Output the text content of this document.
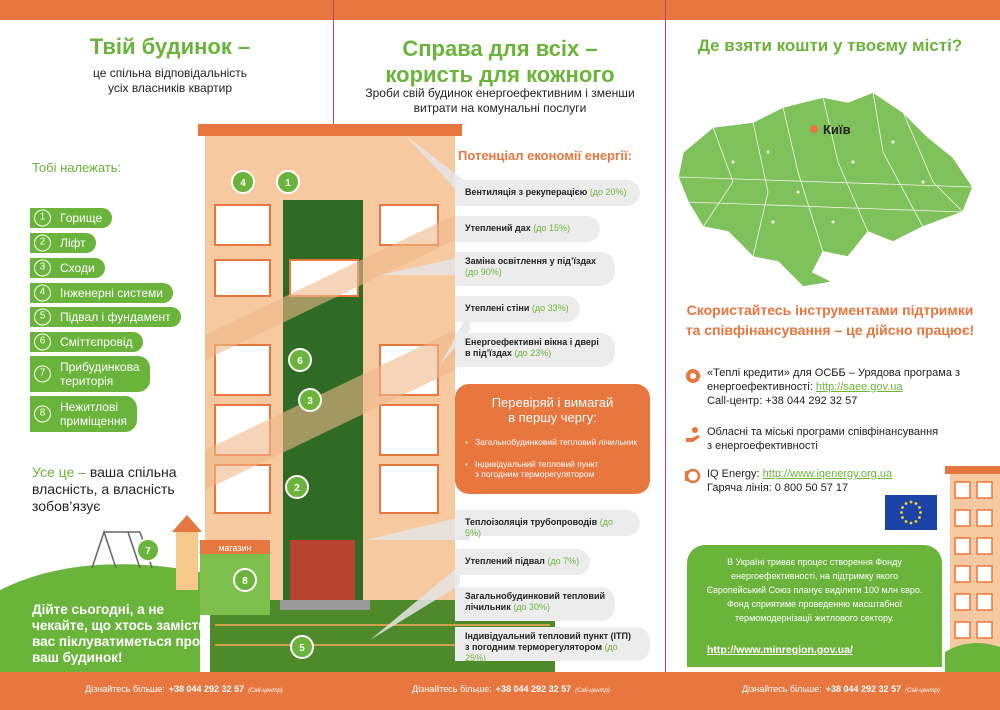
Твій будинок –
це спільна відповідальність
усіх власників квартир
Тобі належать:
1	Горище
2	Ліфт
3	Сходи
4	Інженерні системи
5	Підвал і фундамент
6	Сміттєпровід
7	Прибудинкова
територія
8	Нежитлові
приміщення
Усе це – ваша спільна
власність, а власність
зобов’язує
магазин
4	1
6
3
2
7
8
5
Дійте сьогодні, а не
чекайте, що хтось замість
вас піклуватиметься про
ваш будинок!
Справа для всіх –
користь для кожного
Зроби свій будинок енергоефективним і зменши
витрати на комунальні послуги
Потенціал економії енергії:
Вентиляція з рекуперацією (до 20%)
Утеплений дах (до 15%)
Заміна освітлення у під’їздах
(до 90%)
Утеплені стіни (до 33%)
Енергоефективні вікна і двері
в під’їздах (до 23%)
Перевіряй і вимагай
в першу чергу:
▪ Загальнобудинковий тепловий лічильник
▪ Індивідуальний тепловий пункт
з погодним терморегулятором
Теплоізоляція трубопроводів (до 5%)
Утеплений підвал (до 7%)
Загальнобудинковий тепловий
лічильник (до 30%)
Індивідуальний тепловий пункт (ІТП)
з погодним терморегулятором (до 25%)
Де взяти кошти у твоєму місті?
Київ
Скористайтесь інструментами підтримки
та співфінансування – це дійсно працює!
«Теплі кредити» для ОСББ – Урядова програма з
енергоефективності: http://saee.gov.ua
Call-центр: +38 044 292 32 57
Обласні та міські програми співфінансування
з енергоефективності
IQ Energy: http://www.iqenergy.org.ua
Гаряча лінія: 0 800 50 57 17
В Україні триває процес створення Фонду
енергоефективності, на підтримку якого
Європейський Союз планує виділити 100 млн євро.
Фонд сприятиме проведенню масштабної
термомодернізації житлового сектору.
http://www.minregion.gov.ua/
Дізнайтесь більше: +38 044 292 32 57 (Call-центр)	Дізнайтесь більше: +38 044 292 32 57 (Call-центр)	Дізнайтесь більше: +38 044 292 32 57 (Call-центр)
